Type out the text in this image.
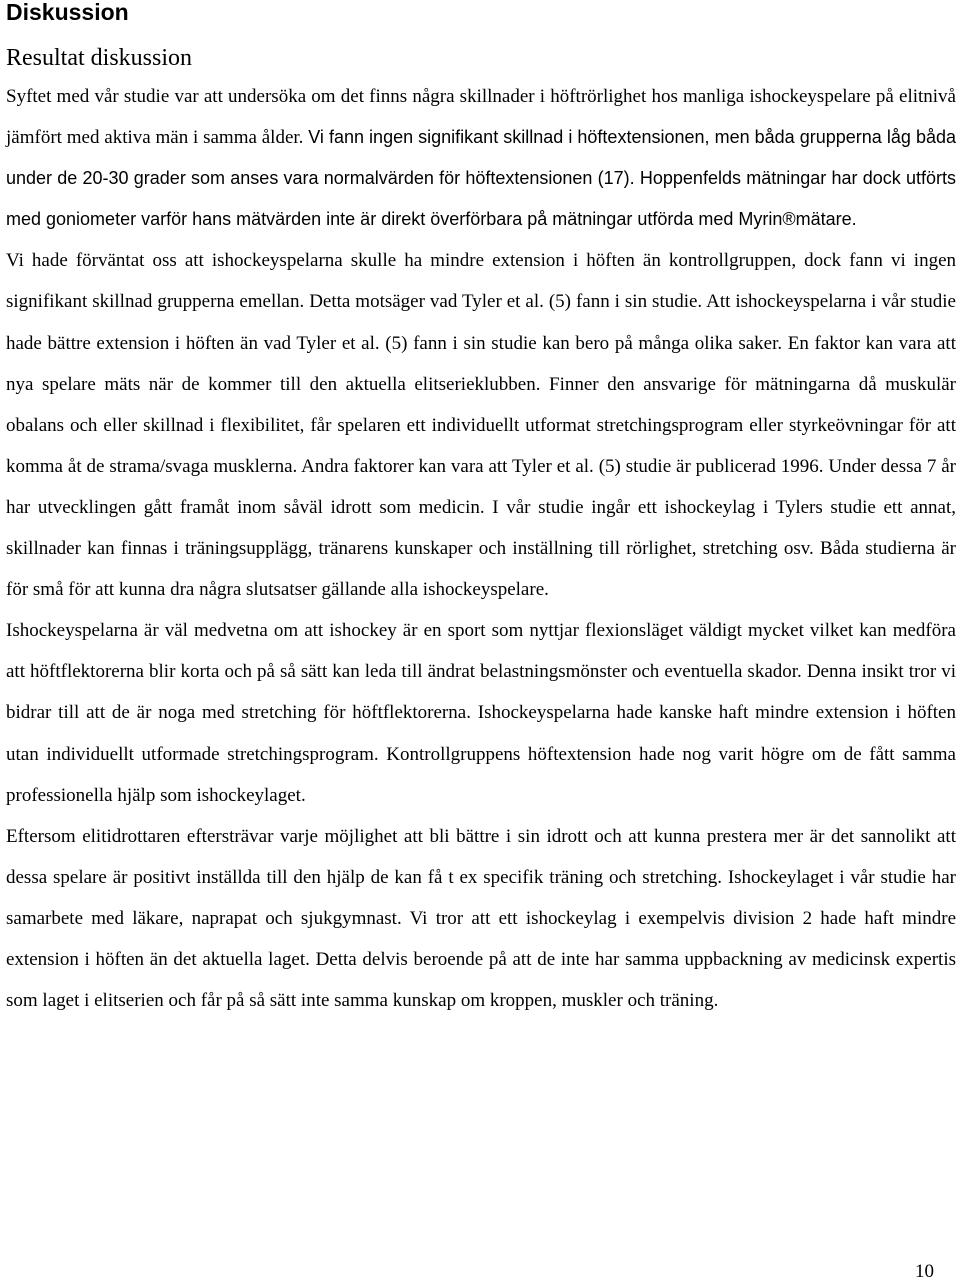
Diskussion
Resultat diskussion

Syftet med vår studie var att undersöka om det finns några skillnader i höftrörlighet hos manliga ishockeyspelare på elitnivå jämfört med aktiva män i samma ålder. Vi fann ingen signifikant skillnad i höftextensionen, men båda grupperna låg båda under de 20-30 grader som anses vara normalvärden för höftextensionen (17). Hoppenfelds mätningar har dock utförts med goniometer varför hans mätvärden inte är direkt överförbara på mätningar utförda med Myrin®mätare.

Vi hade förväntat oss att ishockeyspelarna skulle ha mindre extension i höften än kontrollgruppen, dock fann vi ingen signifikant skillnad grupperna emellan. Detta motsäger vad Tyler et al. (5) fann i sin studie. Att ishockeyspelarna i vår studie hade bättre extension i höften än vad Tyler et al. (5) fann i sin studie kan bero på många olika saker. En faktor kan vara att nya spelare mäts när de kommer till den aktuella elitserieklubben. Finner den ansvarige för mätningarna då muskulär obalans och eller skillnad i flexibilitet, får spelaren ett individuellt utformat stretchingsprogram eller styrkeövningar för att komma åt de strama/svaga musklerna. Andra faktorer kan vara att Tyler et al. (5) studie är publicerad 1996. Under dessa 7 år har utvecklingen gått framåt inom såväl idrott som medicin. I vår studie ingår ett ishockeylag i Tylers studie ett annat, skillnader kan finnas i träningsupplägg, tränarens kunskaper och inställning till rörlighet, stretching osv. Båda studierna är för små för att kunna dra några slutsatser gällande alla ishockeyspelare.

Ishockeyspelarna är väl medvetna om att ishockey är en sport som nyttjar flexionsläget väldigt mycket vilket kan medföra att höftflektorerna blir korta och på så sätt kan leda till ändrat belastningsmönster och eventuella skador. Denna insikt tror vi bidrar till att de är noga med stretching för höftflektorerna. Ishockeyspelarna hade kanske haft mindre extension i höften utan individuellt utformade stretchingsprogram. Kontrollgruppens höftextension hade nog varit högre om de fått samma professionella hjälp som ishockeylaget.

Eftersom elitidrottaren eftersträvar varje möjlighet att bli bättre i sin idrott och att kunna prestera mer är det sannolikt att dessa spelare är positivt inställda till den hjälp de kan få t ex specifik träning och stretching. Ishockeylaget i vår studie har samarbete med läkare, naprapat och sjukgymnast. Vi tror att ett ishockeylag i exempelvis division 2 hade haft mindre extension i höften än det aktuella laget. Detta delvis beroende på att de inte har samma uppbackning av medicinsk expertis som laget i elitserien och får på så sätt inte samma kunskap om kroppen, muskler och träning.

10
